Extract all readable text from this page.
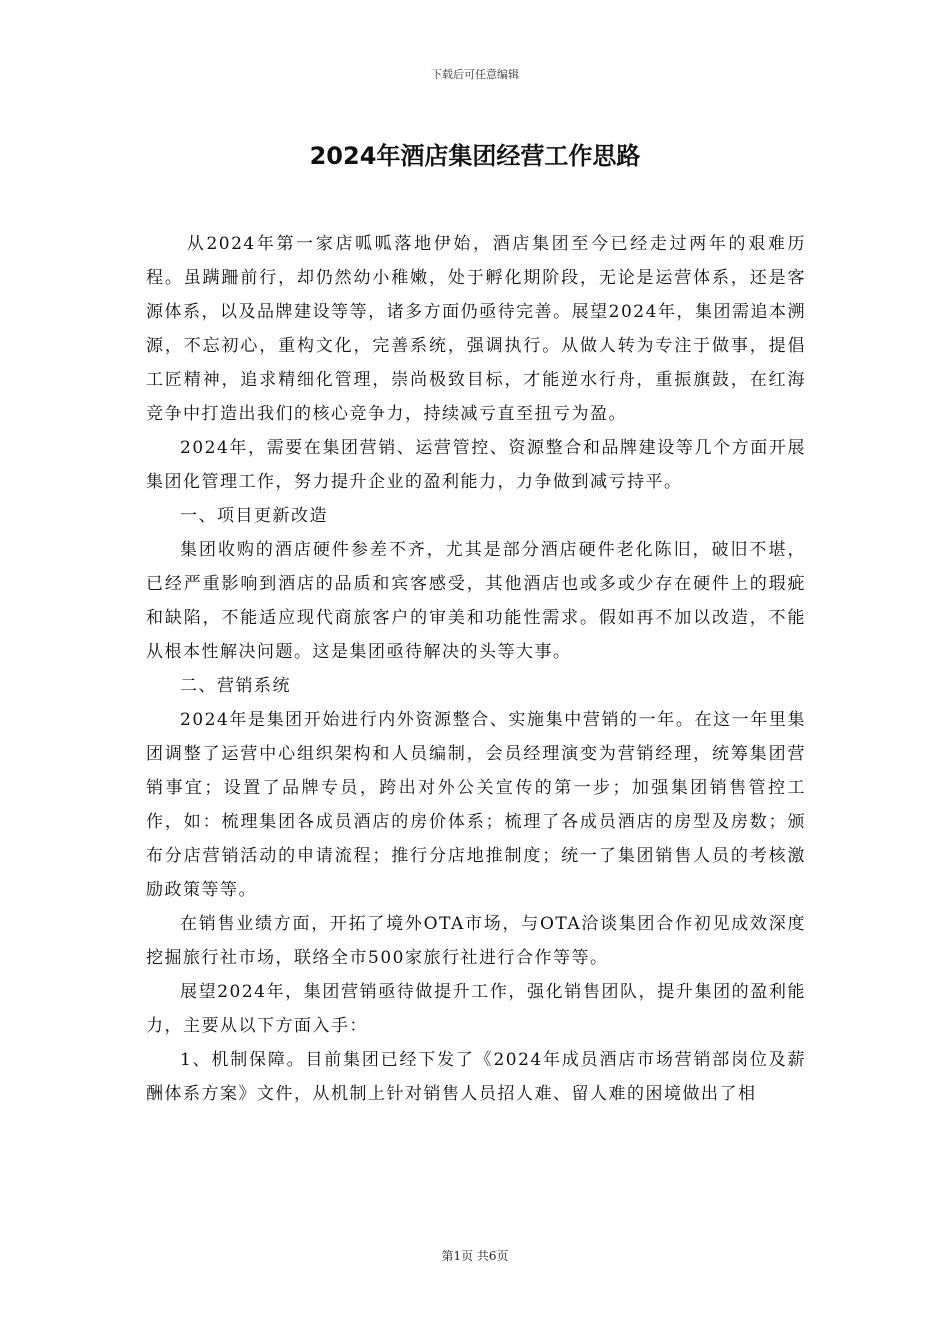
下载后可任意编辑
2024年酒店集团经营工作思路

从2024年第一家店呱呱落地伊始，酒店集团至今已经走过两年的艰难历程。虽蹒跚前行，却仍然幼小稚嫩，处于孵化期阶段，无论是运营体系，还是客源体系，以及品牌建设等等，诸多方面仍亟待完善。展望2024年，集团需追本溯源，不忘初心，重构文化，完善系统，强调执行。从做人转为专注于做事，提倡工匠精神，追求精细化管理，崇尚极致目标，才能逆水行舟，重振旗鼓，在红海竞争中打造出我们的核心竞争力，持续减亏直至扭亏为盈。

2024年，需要在集团营销、运营管控、资源整合和品牌建设等几个方面开展集团化管理工作，努力提升企业的盈利能力，力争做到减亏持平。

一、项目更新改造

集团收购的酒店硬件参差不齐，尤其是部分酒店硬件老化陈旧，破旧不堪，已经严重影响到酒店的品质和宾客感受，其他酒店也或多或少存在硬件上的瑕疵和缺陷，不能适应现代商旅客户的审美和功能性需求。假如再不加以改造，不能从根本性解决问题。这是集团亟待解决的头等大事。

二、营销系统

2024年是集团开始进行内外资源整合、实施集中营销的一年。在这一年里集团调整了运营中心组织架构和人员编制，会员经理演变为营销经理，统筹集团营销事宜；设置了品牌专员，跨出对外公关宣传的第一步；加强集团销售管控工作，如：梳理集团各成员酒店的房价体系；梳理了各成员酒店的房型及房数；颁布分店营销活动的申请流程；推行分店地推制度；统一了集团销售人员的考核激励政策等等。

在销售业绩方面，开拓了境外OTA市场，与OTA洽谈集团合作初见成效深度挖掘旅行社市场，联络全市500家旅行社进行合作等等。

展望2024年，集团营销亟待做提升工作，强化销售团队，提升集团的盈利能力，主要从以下方面入手：

1、机制保障。目前集团已经下发了《2024年成员酒店市场营销部岗位及薪酬体系方案》文件，从机制上针对销售人员招人难、留人难的困境做出了相

第1页 共6页
